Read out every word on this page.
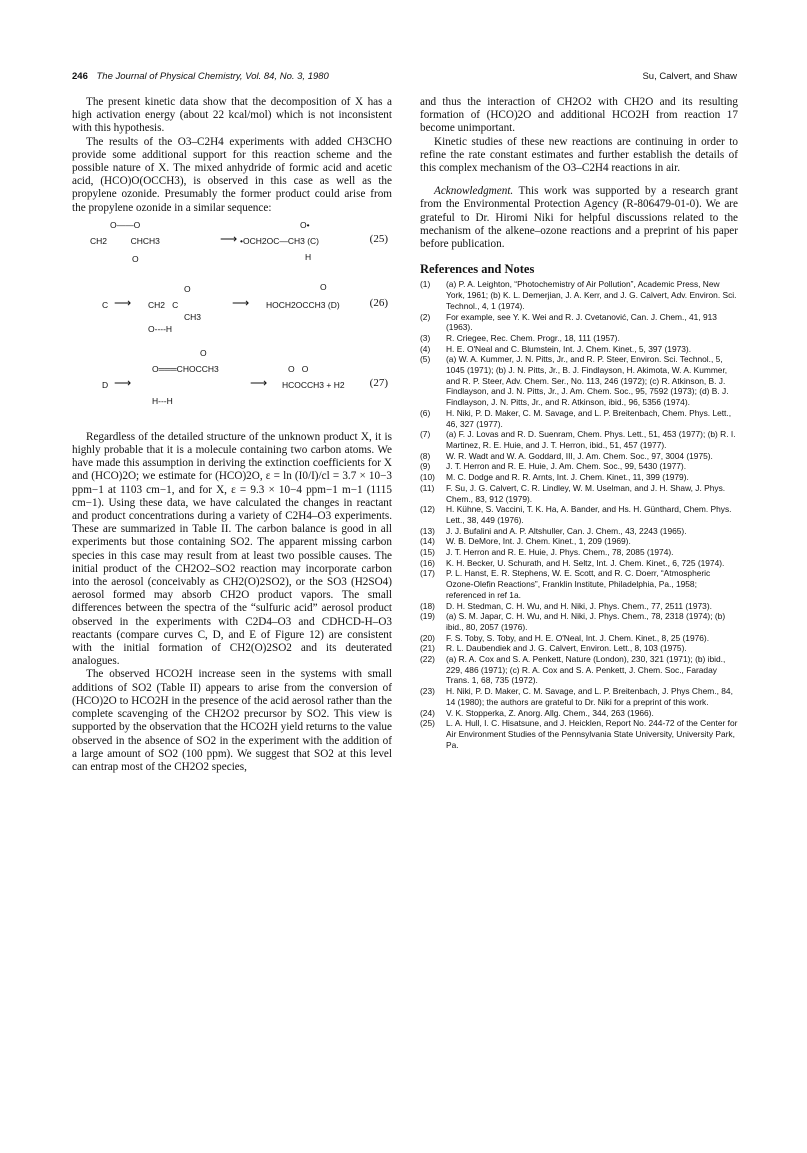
246 The Journal of Physical Chemistry, Vol. 84, No. 3, 1980	Su, Calvert, and Shaw

The present kinetic data show that the decomposition of X has a high activation energy (about 22 kcal/mol) which is not inconsistent with this hypothesis.

The results of the O3–C2H4 experiments with added CH3CHO provide some additional support for this reaction scheme and the possible nature of X. The mixed anhydride of formic acid and acetic acid, (HCO)O(OCCH3), is observed in this case as well as the propylene ozonide. Presumably the former product could arise from the propylene ozonide in a similar sequence:

O——O
CH2          CHCH3
O
⟶
O•
•OCH2OC—CH3 (C)
H
(25)
C ⟶
O
CH2   C
CH3
O----H
⟶
O
HOCH2OCCH3 (D)	(26)
D ⟶
O
O═══CHOCCH3
H---H
⟶
O   O
HCOCCH3 + H2 (27)

Regardless of the detailed structure of the unknown product X, it is highly probable that it is a molecule containing two carbon atoms. We have made this assumption in deriving the extinction coefficients for X and (HCO)2O; we estimate for (HCO)2O, ε = ln (I0/I)/cl = 3.7 × 10−3 ppm−1 at 1103 cm−1, and for X, ε = 9.3 × 10−4 ppm−1 m−1 (1115 cm−1). Using these data, we have calculated the changes in reactant and product concentrations during a variety of C2H4–O3 experiments. These are summarized in Table II. The carbon balance is good in all experiments but those containing SO2. The apparent missing carbon species in this case may result from at least two possible causes. The initial product of the CH2O2–SO2 reaction may incorporate carbon into the aerosol (conceivably as CH2(O)2SO2), or the SO3 (H2SO4) aerosol formed may absorb CH2O product vapors. The small differences between the spectra of the “sulfuric acid” aerosol product observed in the experiments with C2D4–O3 and CDHCD-H–O3 reactants (compare curves C, D, and E of Figure 12) are consistent with the initial formation of CH2(O)2SO2 and its deuterated analogues.

The observed HCO2H increase seen in the systems with small additions of SO2 (Table II) appears to arise from the conversion of (HCO)2O to HCO2H in the presence of the acid aerosol rather than the complete scavenging of the CH2O2 precursor by SO2. This view is supported by the observation that the HCO2H yield returns to the value observed in the absence of SO2 in the experiment with the addition of a large amount of SO2 (100 ppm). We suggest that SO2 at this level can entrap most of the CH2O2 species,

and thus the interaction of CH2O2 with CH2O and its resulting formation of (HCO)2O and additional HCO2H from reaction 17 become unimportant.

Kinetic studies of these new reactions are continuing in order to refine the rate constant estimates and further establish the details of this complex mechanism of the O3–C2H4 reactions in air.

Acknowledgment. This work was supported by a research grant from the Environmental Protection Agency (R-806479-01-0). We are grateful to Dr. Hiromi Niki for helpful discussions related to the mechanism of the alkene–ozone reactions and a preprint of his paper before publication.

References and Notes
(1) (a) P. A. Leighton, “Photochemistry of Air Pollution”, Academic Press, New York, 1961; (b) K. L. Demerjian, J. A. Kerr, and J. G. Calvert, Adv. Environ. Sci. Technol., 4, 1 (1974).
(2) For example, see Y. K. Wei and R. J. Cvetanović, Can. J. Chem., 41, 913 (1963).
(3) R. Criegee, Rec. Chem. Progr., 18, 111 (1957).
(4) H. E. O'Neal and C. Blumstein, Int. J. Chem. Kinet., 5, 397 (1973).
(5) (a) W. A. Kummer, J. N. Pitts, Jr., and R. P. Steer, Environ. Sci. Technol., 5, 1045 (1971); (b) J. N. Pitts, Jr., B. J. Findlayson, H. Akimota, W. A. Kummer, and R. P. Steer, Adv. Chem. Ser., No. 113, 246 (1972); (c) R. Atkinson, B. J. Findlayson, and J. N. Pitts, Jr., J. Am. Chem. Soc., 95, 7592 (1973); (d) B. J. Findlayson, J. N. Pitts, Jr., and R. Atkinson, ibid., 96, 5356 (1974).
(6) H. Niki, P. D. Maker, C. M. Savage, and L. P. Breitenbach, Chem. Phys. Lett., 46, 327 (1977).
(7) (a) F. J. Lovas and R. D. Suenram, Chem. Phys. Lett., 51, 453 (1977); (b) R. I. Martinez, R. E. Huie, and J. T. Herron, ibid., 51, 457 (1977).
(8) W. R. Wadt and W. A. Goddard, III, J. Am. Chem. Soc., 97, 3004 (1975).
(9) J. T. Herron and R. E. Huie, J. Am. Chem. Soc., 99, 5430 (1977).
(10) M. C. Dodge and R. R. Arnts, Int. J. Chem. Kinet., 11, 399 (1979).
(11) F. Su, J. G. Calvert, C. R. Lindley, W. M. Uselman, and J. H. Shaw, J. Phys. Chem., 83, 912 (1979).
(12) H. Kühne, S. Vaccini, T. K. Ha, A. Bander, and Hs. H. Günthard, Chem. Phys. Lett., 38, 449 (1976).
(13) J. J. Bufalini and A. P. Altshuller, Can. J. Chem., 43, 2243 (1965).
(14) W. B. DeMore, Int. J. Chem. Kinet., 1, 209 (1969).
(15) J. T. Herron and R. E. Huie, J. Phys. Chem., 78, 2085 (1974).
(16) K. H. Becker, U. Schurath, and H. Seltz, Int. J. Chem. Kinet., 6, 725 (1974).
(17) P. L. Hanst, E. R. Stephens, W. E. Scott, and R. C. Doerr, “Atmospheric Ozone-Olefin Reactions”, Franklin Institute, Philadelphia, Pa., 1958; referenced in ref 1a.
(18) D. H. Stedman, C. H. Wu, and H. Niki, J. Phys. Chem., 77, 2511 (1973).
(19) (a) S. M. Japar, C. H. Wu, and H. Niki, J. Phys. Chem., 78, 2318 (1974); (b) ibid., 80, 2057 (1976).
(20) F. S. Toby, S. Toby, and H. E. O'Neal, Int. J. Chem. Kinet., 8, 25 (1976).
(21) R. L. Daubendiek and J. G. Calvert, Environ. Lett., 8, 103 (1975).
(22) (a) R. A. Cox and S. A. Penkett, Nature (London), 230, 321 (1971); (b) ibid., 229, 486 (1971); (c) R. A. Cox and S. A. Penkett, J. Chem. Soc., Faraday Trans. 1, 68, 735 (1972).
(23) H. Niki, P. D. Maker, C. M. Savage, and L. P. Breitenbach, J. Phys Chem., 84, 14 (1980); the authors are grateful to Dr. Niki for a preprint of this work.
(24) V. K. Stopperka, Z. Anorg. Allg. Chem., 344, 263 (1966).
(25) L. A. Hull, I. C. Hisatsune, and J. Heicklen, Report No. 244-72 of the Center for Air Environment Studies of the Pennsylvania State University, University Park, Pa.
